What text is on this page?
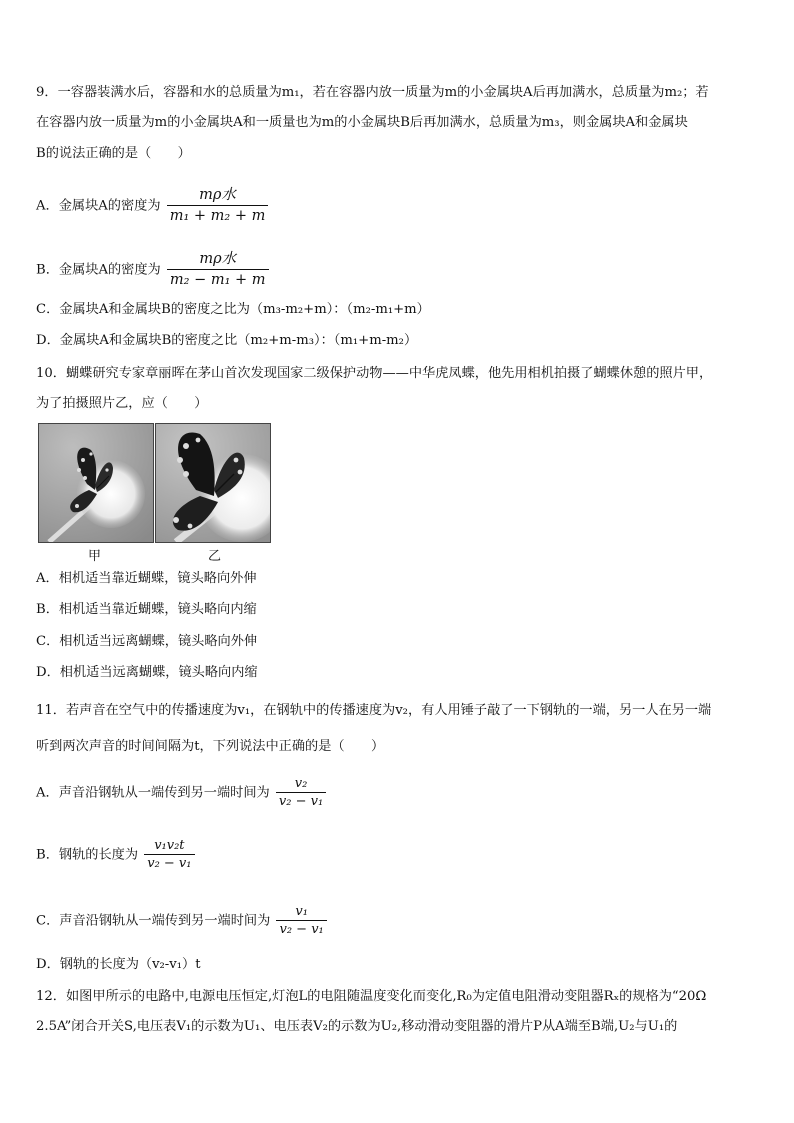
9．一容器装满水后，容器和水的总质量为m₁，若在容器内放一质量为m的小金属块A后再加满水，总质量为m₂；若
在容器内放一质量为m的小金属块A和一质量也为m的小金属块B后再加满水，总质量为m₃，则金属块A和金属块
B的说法正确的是（　　）
A．金属块A的密度为 $\frac{\text{mρ水}}{\text{m₁ + m₂ + m}}$
B．金属块A的密度为 $\frac{\text{mρ水}}{\text{m₂ − m₁ + m}}$
C．金属块A和金属块B的密度之比为（m₃-m₂+m）：（m₂-m₁+m）
D．金属块A和金属块B的密度之比（m₂+m-m₃）：（m₁+m-m₂）
10．蝴蝶研究专家章丽晖在茅山首次发现国家二级保护动物——中华虎凤蝶，他先用相机拍摄了蝴蝶休憩的照片甲，
为了拍摄照片乙，应（　　）
甲	乙
A．相机适当靠近蝴蝶，镜头略向外伸
B．相机适当靠近蝴蝶，镜头略向内缩
C．相机适当远离蝴蝶，镜头略向外伸
D．相机适当远离蝴蝶，镜头略向内缩
11．若声音在空气中的传播速度为v₁，在钢轨中的传播速度为v₂，有人用锤子敲了一下钢轨的一端，另一人在另一端
听到两次声音的时间间隔为t，下列说法中正确的是（　　）
A．声音沿钢轨从一端传到另一端时间为 $\frac{\text{v₂}}{\text{v₂ − v₁}}$
B．钢轨的长度为 $\frac{\text{v₁v₂t}}{\text{v₂ − v₁}}$
C．声音沿钢轨从一端传到另一端时间为 $\frac{\text{v₁}}{\text{v₂ − v₁}}$
D．钢轨的长度为（v₂-v₁）t
12．如图甲所示的电路中,电源电压恒定,灯泡L的电阻随温度变化而变化,R₀为定值电阻滑动变阻器Rₓ的规格为“20Ω
2.5A”闭合开关S,电压表V₁的示数为U₁、电压表V₂的示数为U₂,移动滑动变阻器的滑片P从A端至B端,U₂与U₁的
